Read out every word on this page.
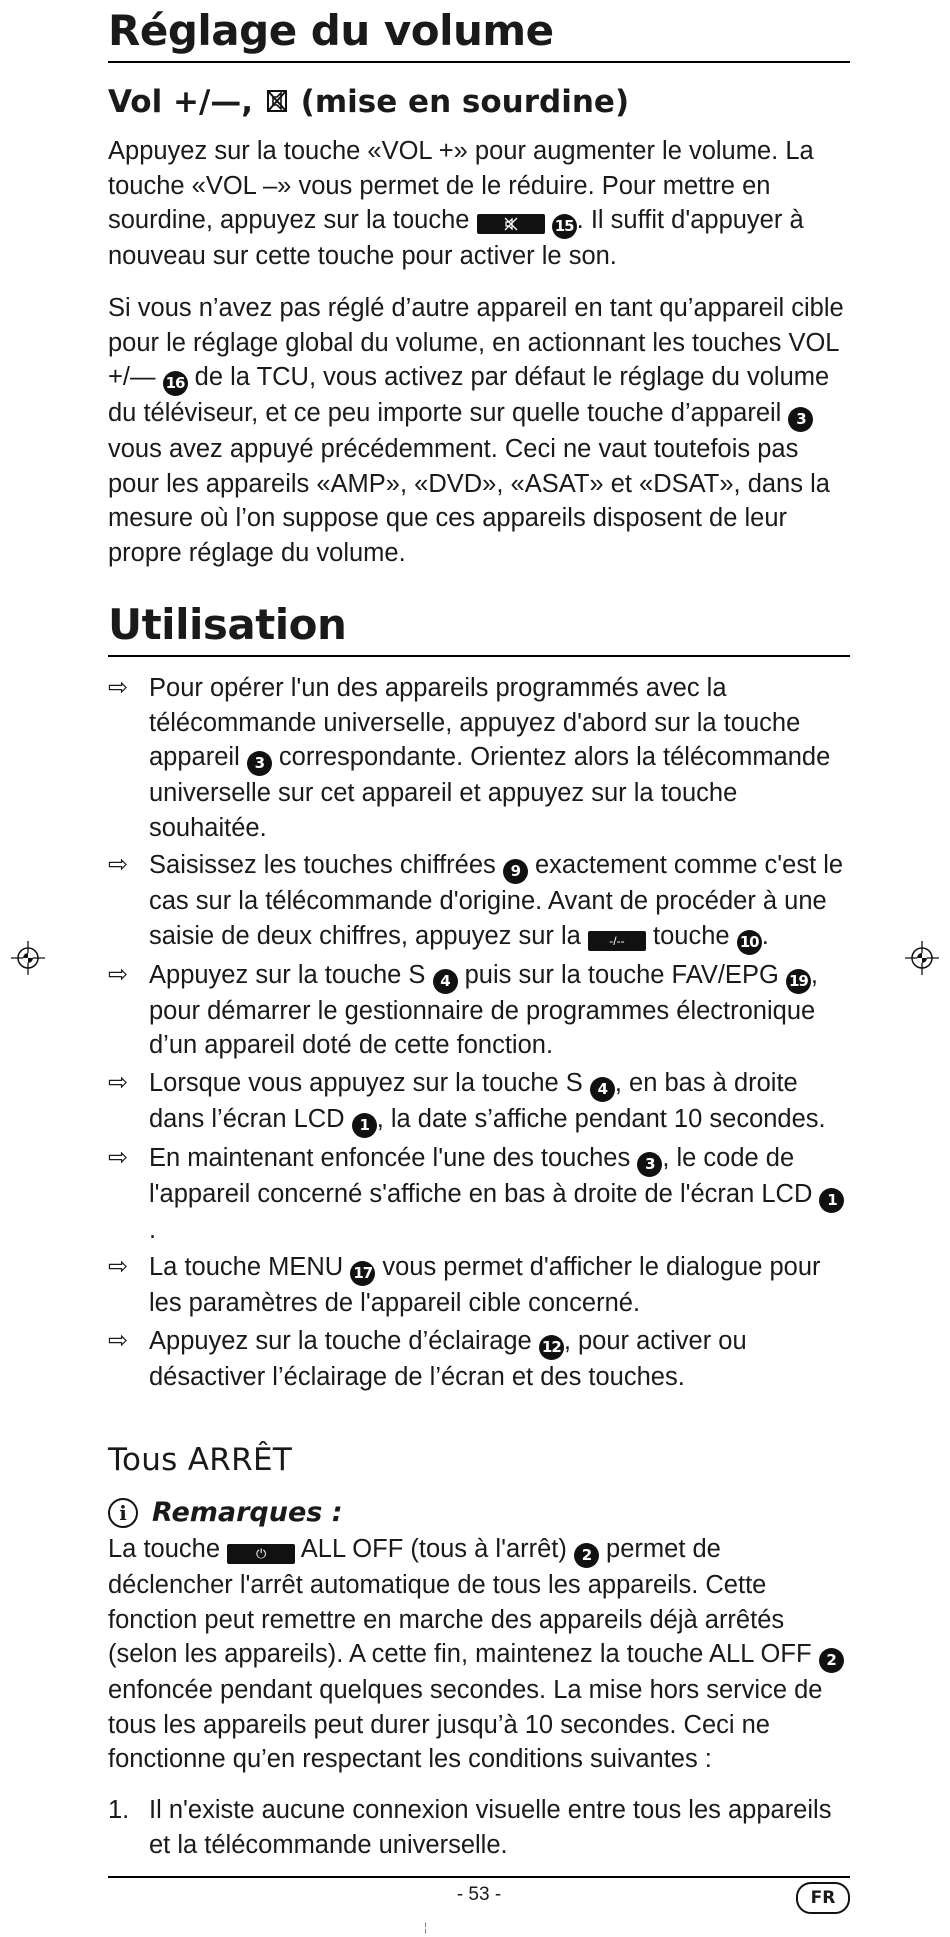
Réglage du volume
Vol +/—,  (mise en sourdine)

Appuyez sur la touche «VOL +» pour augmenter le volume. La touche «VOL –» vous permet de le réduire. Pour mettre en sourdine, appuyez sur la touche	15 . Il suffit d'appuyer à nouveau sur cette touche pour activer le son.

Si vous n’avez pas réglé d’autre appareil en tant qu’appareil cible pour le réglage global du volume, en actionnant les touches VOL +/— 16 de la TCU, vous activez par défaut le réglage du volume du téléviseur, et ce peu importe sur quelle touche d’appareil 3 vous avez appuyé précédemment. Ceci ne vaut toutefois pas pour les appareils «AMP», «DVD», «ASAT» et «DSAT», dans la mesure où l’on suppose que ces appareils disposent de leur propre réglage du volume.

Utilisation
⇨ Pour opérer l'un des appareils programmés avec la télécommande universelle, appuyez d'abord sur la touche appareil 3 correspondante. Orientez alors la télécommande universelle sur cet appareil et appuyez sur la touche souhaitée.
⇨ Saisissez les touches chiffrées 9 exactement comme c'est le cas sur la télécommande d'origine. Avant de procéder à une saisie de deux chiffres, appuyez sur la -/-- touche 10 .
⇨ Appuyez sur la touche S 4 puis sur la touche FAV/EPG 19 , pour démarrer le gestionnaire de programmes électronique d’un appareil doté de cette fonction.
⇨ Lorsque vous appuyez sur la touche S 4 , en bas à droite dans l’écran LCD 1 , la date s’affiche pendant 10 secondes.
⇨ En maintenant enfoncée l'une des touches 3 , le code de l'appareil concerné s'affiche en bas à droite de l'écran LCD 1.
⇨ La touche MENU 17 vous permet d'afficher le dialogue pour les paramètres de l'appareil cible concerné.
⇨ Appuyez sur la touche d’éclairage 12 , pour activer ou désactiver l’éclairage de l’écran et des touches.
Tous ARRÊT
i Remarques :

La touche ⏻ ALL OFF (tous à l'arrêt) 2 permet de déclencher l'arrêt automatique de tous les appareils. Cette fonction peut remettre en marche des appareils déjà arrêtés (selon les appareils). A cette fin, maintenez la touche ALL OFF 2 enfoncée pendant quelques secondes. La mise hors service de tous les appareils peut durer jusqu’à 10 secondes. Ceci ne fonctionne qu’en respectant les conditions suivantes :

1. Il n'existe aucune connexion visuelle entre tous les appareils et la télécommande universelle.
- 53 -	FR
¦
